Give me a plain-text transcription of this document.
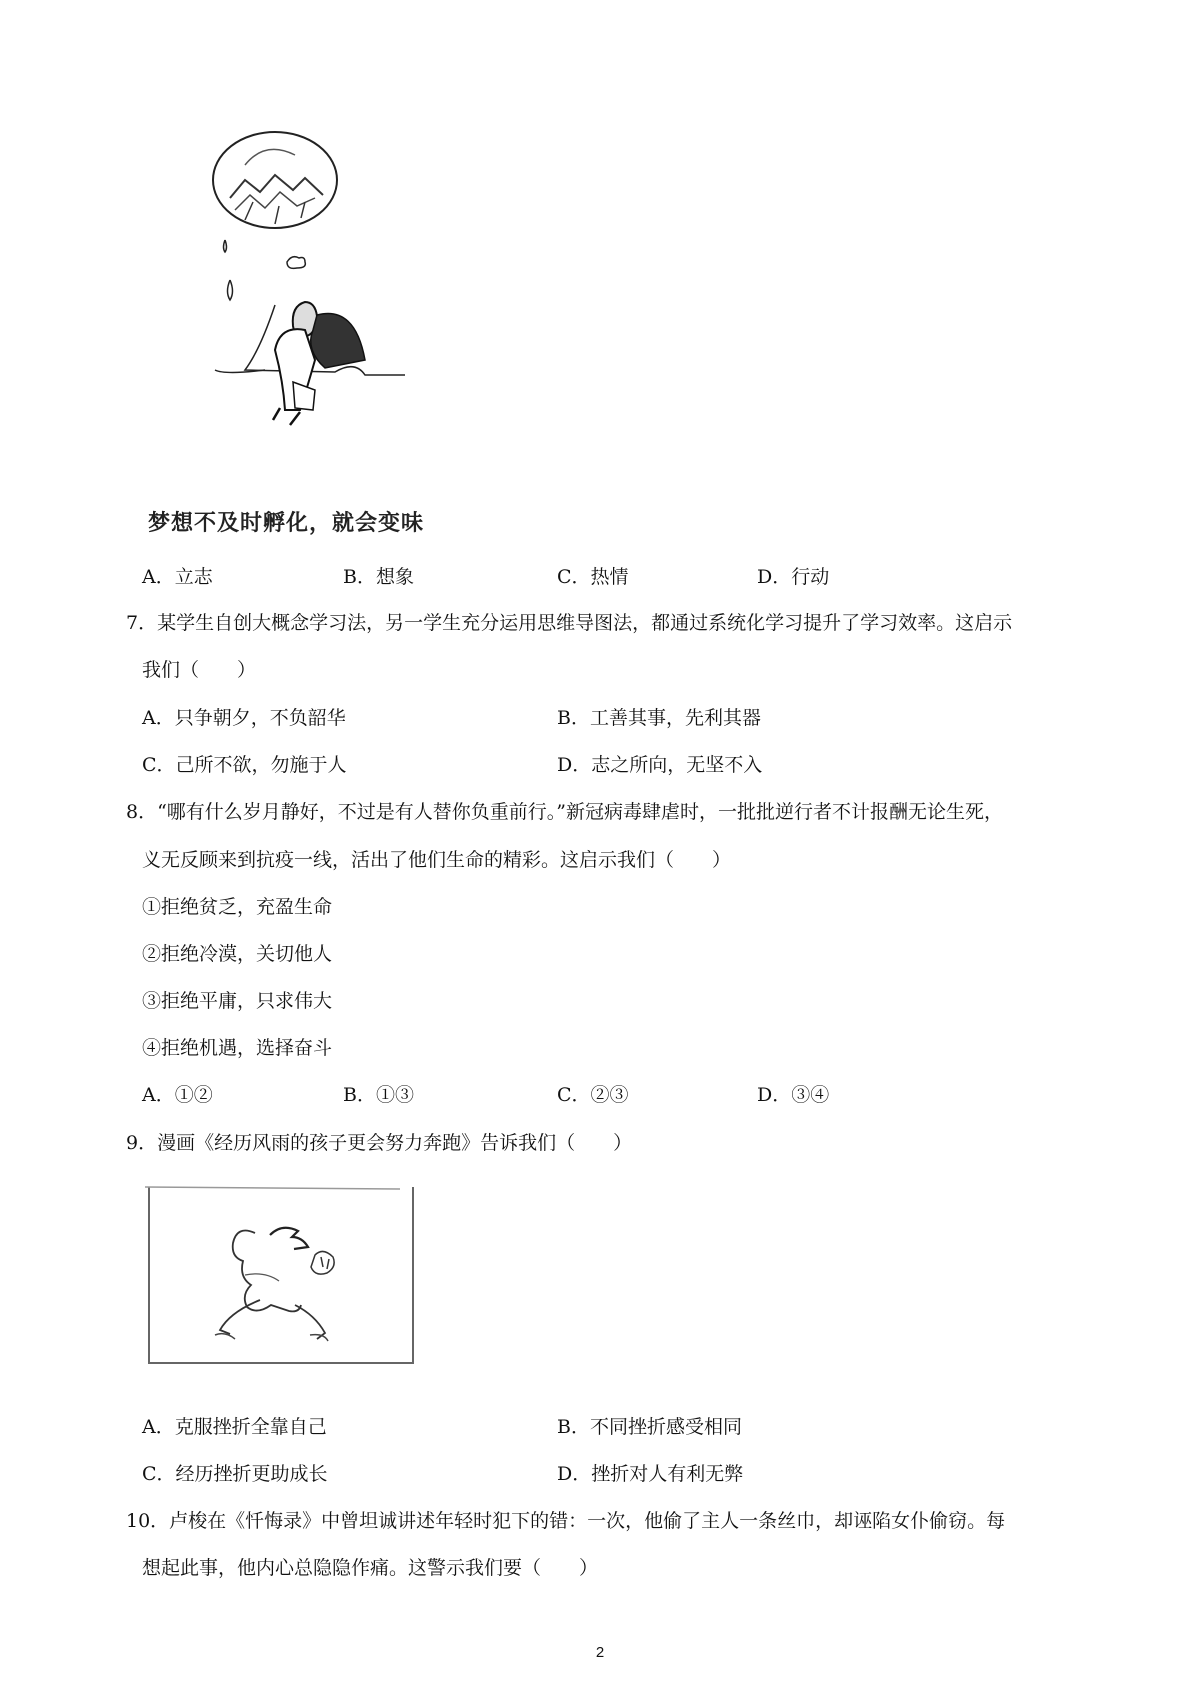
梦想不及时孵化，就会变味
A．立志	B．想象	C．热情	D．行动
7．某学生自创大概念学习法，另一学生充分运用思维导图法，都通过系统化学习提升了学习效率。这启示
我们（　　）
A．只争朝夕，不负韶华	B．工善其事，先利其器
C．己所不欲，勿施于人	D．志之所向，无坚不入
8．“哪有什么岁月静好，不过是有人替你负重前行。”新冠病毒肆虐时，一批批逆行者不计报酬无论生死，
义无反顾来到抗疫一线，活出了他们生命的精彩。这启示我们（　　）
①拒绝贫乏，充盈生命
②拒绝冷漠，关切他人
③拒绝平庸，只求伟大
④拒绝机遇，选择奋斗
A．①②	B．①③	C．②③	D．③④
9．漫画《经历风雨的孩子更会努力奔跑》告诉我们（　　）
A．克服挫折全靠自己	B．不同挫折感受相同
C．经历挫折更助成长	D．挫折对人有利无弊
10．卢梭在《忏悔录》中曾坦诚讲述年轻时犯下的错：一次，他偷了主人一条丝巾，却诬陷女仆偷窃。每
想起此事，他内心总隐隐作痛。这警示我们要（　　）
2
